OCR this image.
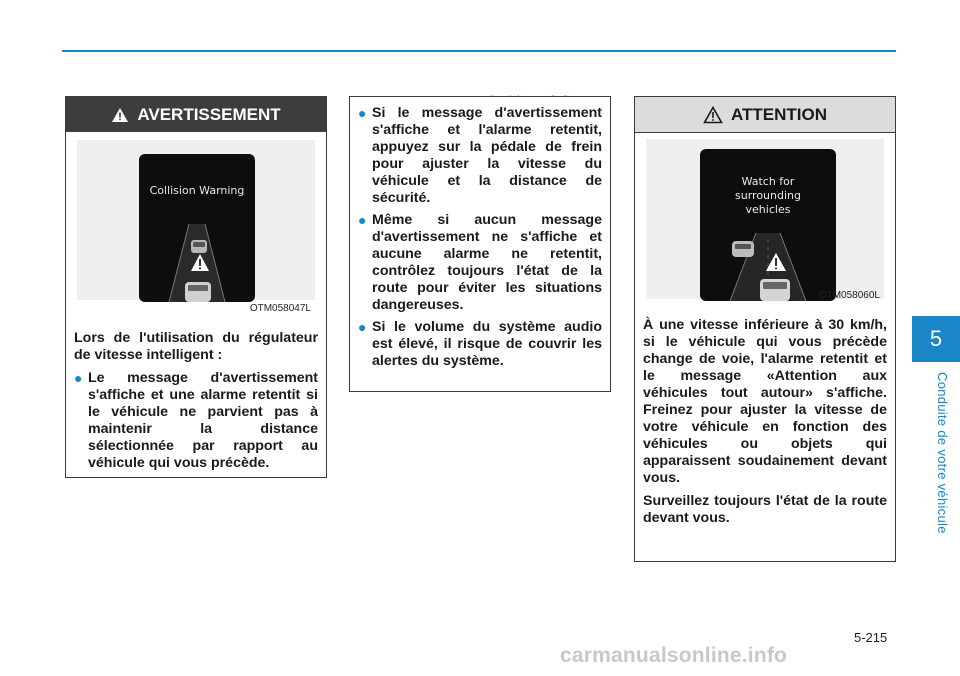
AVERTISSEMENT
Collision Warning
OTM058047L

Lors de l'utilisation du régulateur de vitesse intelligent :

● Le message d'avertissement s'affiche et une alarme retentit si le véhicule ne parvient pas à maintenir la distance sélectionnée par rapport au véhicule qui vous précède.
● Si le message d'avertissement s'affiche et l'alarme retentit, appuyez sur la pédale de frein pour ajuster la vitesse du véhicule et la distance de sécurité.
● Même si aucun message d'avertissement ne s'affiche et aucune alarme ne retentit, contrôlez toujours l'état de la route pour éviter les situations dangereuses.
● Si le volume du système audio est élevé, il risque de couvrir les alertes du système.
ATTENTION
Watch for
surrounding
vehicles
OTM058060L

À une vitesse inférieure à 30 km/h, si le véhicule qui vous précède change de voie, l'alarme retentit et le message «Attention aux véhicules tout autour» s'affiche. Freinez pour ajuster la vitesse de votre véhicule en fonction des véhicules ou objets qui apparaissent soudainement devant vous.

Surveillez toujours l'état de la route devant vous.

5
Conduite de votre véhicule
5-215
carmanualsonline.info
